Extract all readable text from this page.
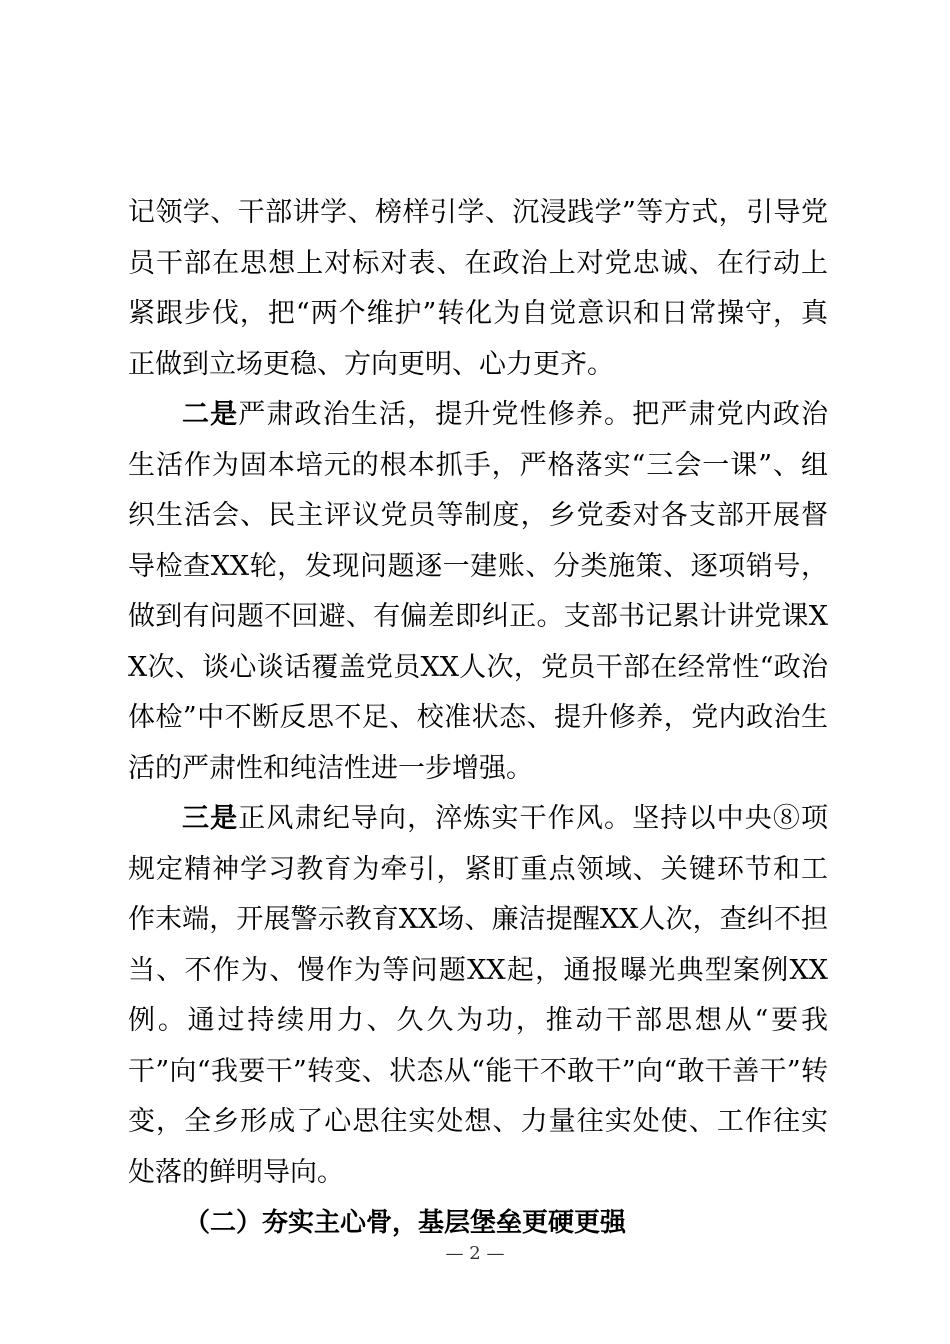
记领学、干部讲学、榜样引学、沉浸践学”等方式，引导党员干部在思想上对标对表、在政治上对党忠诚、在行动上紧跟步伐，把“两个维护”转化为自觉意识和日常操守，真正做到立场更稳、方向更明、心力更齐。

二是严肃政治生活，提升党性修养。把严肃党内政治生活作为固本培元的根本抓手，严格落实“三会一课”、组织生活会、民主评议党员等制度，乡党委对各支部开展督导检查XX轮，发现问题逐一建账、分类施策、逐项销号，做到有问题不回避、有偏差即纠正。支部书记累计讲党课XX次、谈心谈话覆盖党员XX人次，党员干部在经常性“政治体检”中不断反思不足、校准状态、提升修养，党内政治生活的严肃性和纯洁性进一步增强。

三是正风肃纪导向，淬炼实干作风。坚持以中央⑧项规定精神学习教育为牵引，紧盯重点领域、关键环节和工作末端，开展警示教育XX场、廉洁提醒XX人次，查纠不担当、不作为、慢作为等问题XX起，通报曝光典型案例XX例。通过持续用力、久久为功，推动干部思想从“要我干”向“我要干”转变、状态从“能干不敢干”向“敢干善干”转变，全乡形成了心思往实处想、力量往实处使、工作往实处落的鲜明导向。

（二）夯实主心骨，基层堡垒更硬更强

— 2 —
